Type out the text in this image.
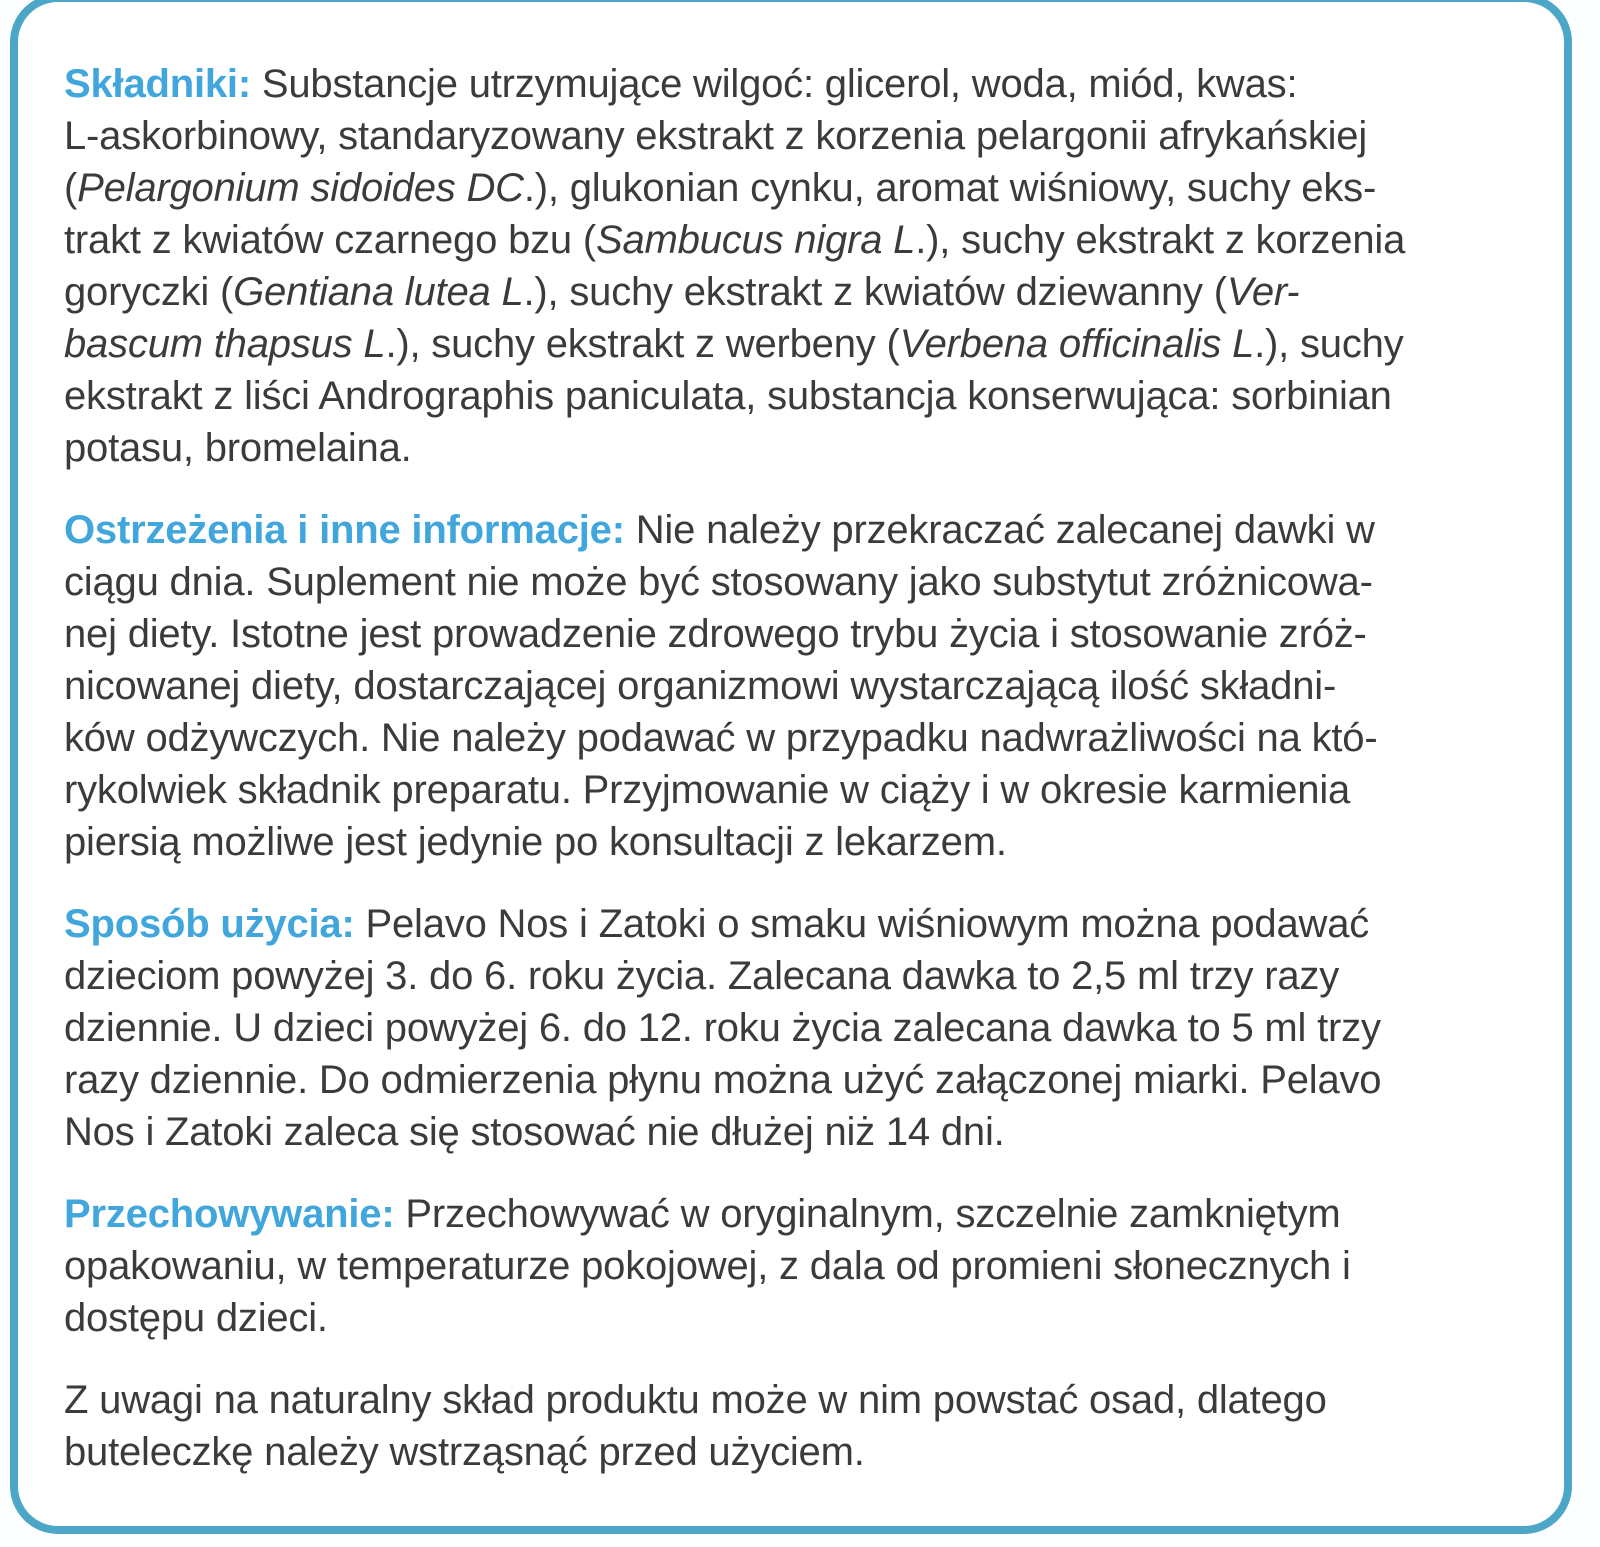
Składniki: Substancje utrzymujące wilgoć: glicerol, woda, miód, kwas:
L-askorbinowy, standaryzowany ekstrakt z korzenia pelargonii afrykańskiej
(Pelargonium sidoides DC.), glukonian cynku, aromat wiśniowy, suchy eks-
trakt z kwiatów czarnego bzu (Sambucus nigra L.), suchy ekstrakt z korzenia
goryczki (Gentiana lutea L.), suchy ekstrakt z kwiatów dziewanny (Ver-
bascum thapsus L.), suchy ekstrakt z werbeny (Verbena officinalis L.), suchy
ekstrakt z liści Andrographis paniculata, substancja konserwująca: sorbinian
potasu, bromelaina.
Ostrzeżenia i inne informacje: Nie należy przekraczać zalecanej dawki w
ciągu dnia. Suplement nie może być stosowany jako substytut zróżnicowa-
nej diety. Istotne jest prowadzenie zdrowego trybu życia i stosowanie zróż-
nicowanej diety, dostarczającej organizmowi wystarczającą ilość składni-
ków odżywczych. Nie należy podawać w przypadku nadwrażliwości na któ-
rykolwiek składnik preparatu. Przyjmowanie w ciąży i w okresie karmienia
piersią możliwe jest jedynie po konsultacji z lekarzem.
Sposób użycia: Pelavo Nos i Zatoki o smaku wiśniowym można podawać
dzieciom powyżej 3. do 6. roku życia. Zalecana dawka to 2,5 ml trzy razy
dziennie. U dzieci powyżej 6. do 12. roku życia zalecana dawka to 5 ml trzy
razy dziennie. Do odmierzenia płynu można użyć załączonej miarki. Pelavo
Nos i Zatoki zaleca się stosować nie dłużej niż 14 dni.
Przechowywanie: Przechowywać w oryginalnym, szczelnie zamkniętym
opakowaniu, w temperaturze pokojowej, z dala od promieni słonecznych i
dostępu dzieci.
Z uwagi na naturalny skład produktu może w nim powstać osad, dlatego
buteleczkę należy wstrząsnąć przed użyciem.
